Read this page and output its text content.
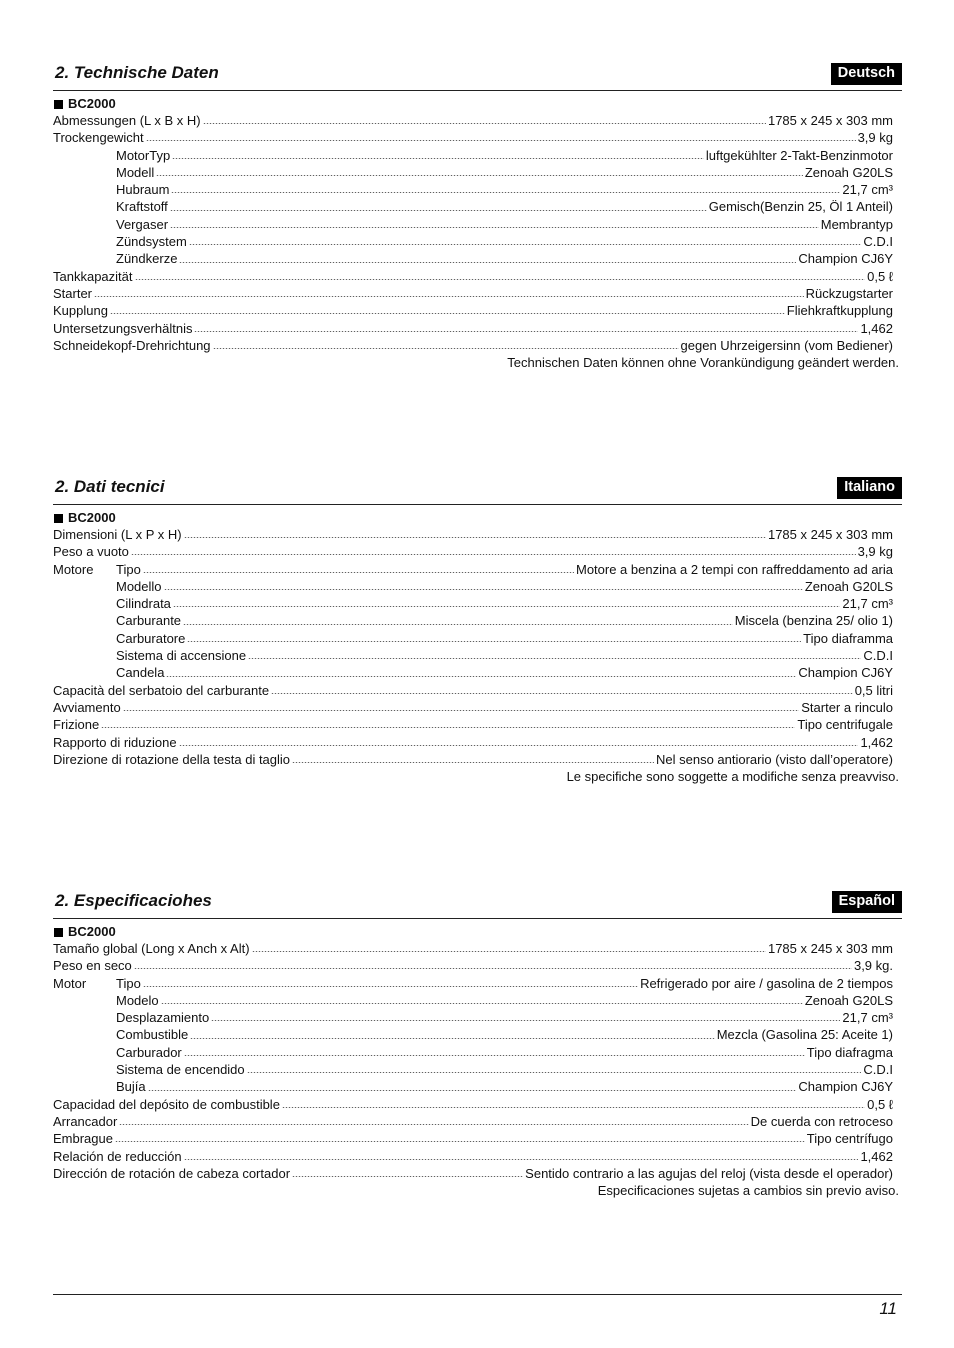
2. Technische Daten	Deutsch
BC2000
Abmessungen (L x B x H)	1785 x 245 x 303 mm
Trockengewicht	3,9 kg
MotorTyp	luftgekühlter 2-Takt-Benzinmotor
Modell	Zenoah G20LS
Hubraum	21,7 cm³
Kraftstoff	Gemisch(Benzin 25, Öl 1 Anteil)
Vergaser	Membrantyp
Zündsystem	C.D.I
Zündkerze	Champion CJ6Y
Tankkapazität	0,5 ℓ
Starter	Rückzugstarter
Kupplung	Fliehkraftkupplung
Untersetzungsverhältnis	1,462
Schneidekopf-Drehrichtung	gegen Uhrzeigersinn (vom Bediener)
Technischen Daten können ohne Vorankündigung geändert werden.
2. Dati tecnici	Italiano
BC2000
Dimensioni (L x P x H)	1785 x 245 x 303 mm
Peso a vuoto	3,9 kg
Motore Tipo	Motore a benzina a 2 tempi con raffreddamento ad aria
Modello	Zenoah G20LS
Cilindrata	21,7 cm³
Carburante	Miscela (benzina 25/ olio 1)
Carburatore	Tipo diaframma
Sistema di accensione	C.D.I
Candela	Champion CJ6Y
Capacità del serbatoio del carburante	0,5 litri
Avviamento	Starter a rinculo
Frizione	Tipo centrifugale
Rapporto di riduzione	1,462
Direzione di rotazione della testa di taglio	Nel senso antiorario (visto dall’operatore)
Le specifiche sono soggette a modifiche senza preavviso.
2. Especificaciohes	Español
BC2000
Tamaño global (Long x Anch x Alt)	1785 x 245 x 303 mm
Peso en seco	3,9 kg.
Motor Tipo	Refrigerado por aire / gasolina de 2 tiempos
Modelo	Zenoah G20LS
Desplazamiento	21,7 cm³
Combustible	Mezcla (Gasolina 25: Aceite 1)
Carburador	Tipo diafragma
Sistema de encendido	C.D.I
Bujía	Champion CJ6Y
Capacidad del depósito de combustible	0,5 ℓ
Arrancador	De cuerda con retroceso
Embrague	Tipo centrífugo
Relación de reducción	1,462
Dirección de rotación de cabeza cortador	Sentido contrario a las agujas del reloj (vista desde el operador)
Especificaciones sujetas a cambios sin previo aviso.
11
